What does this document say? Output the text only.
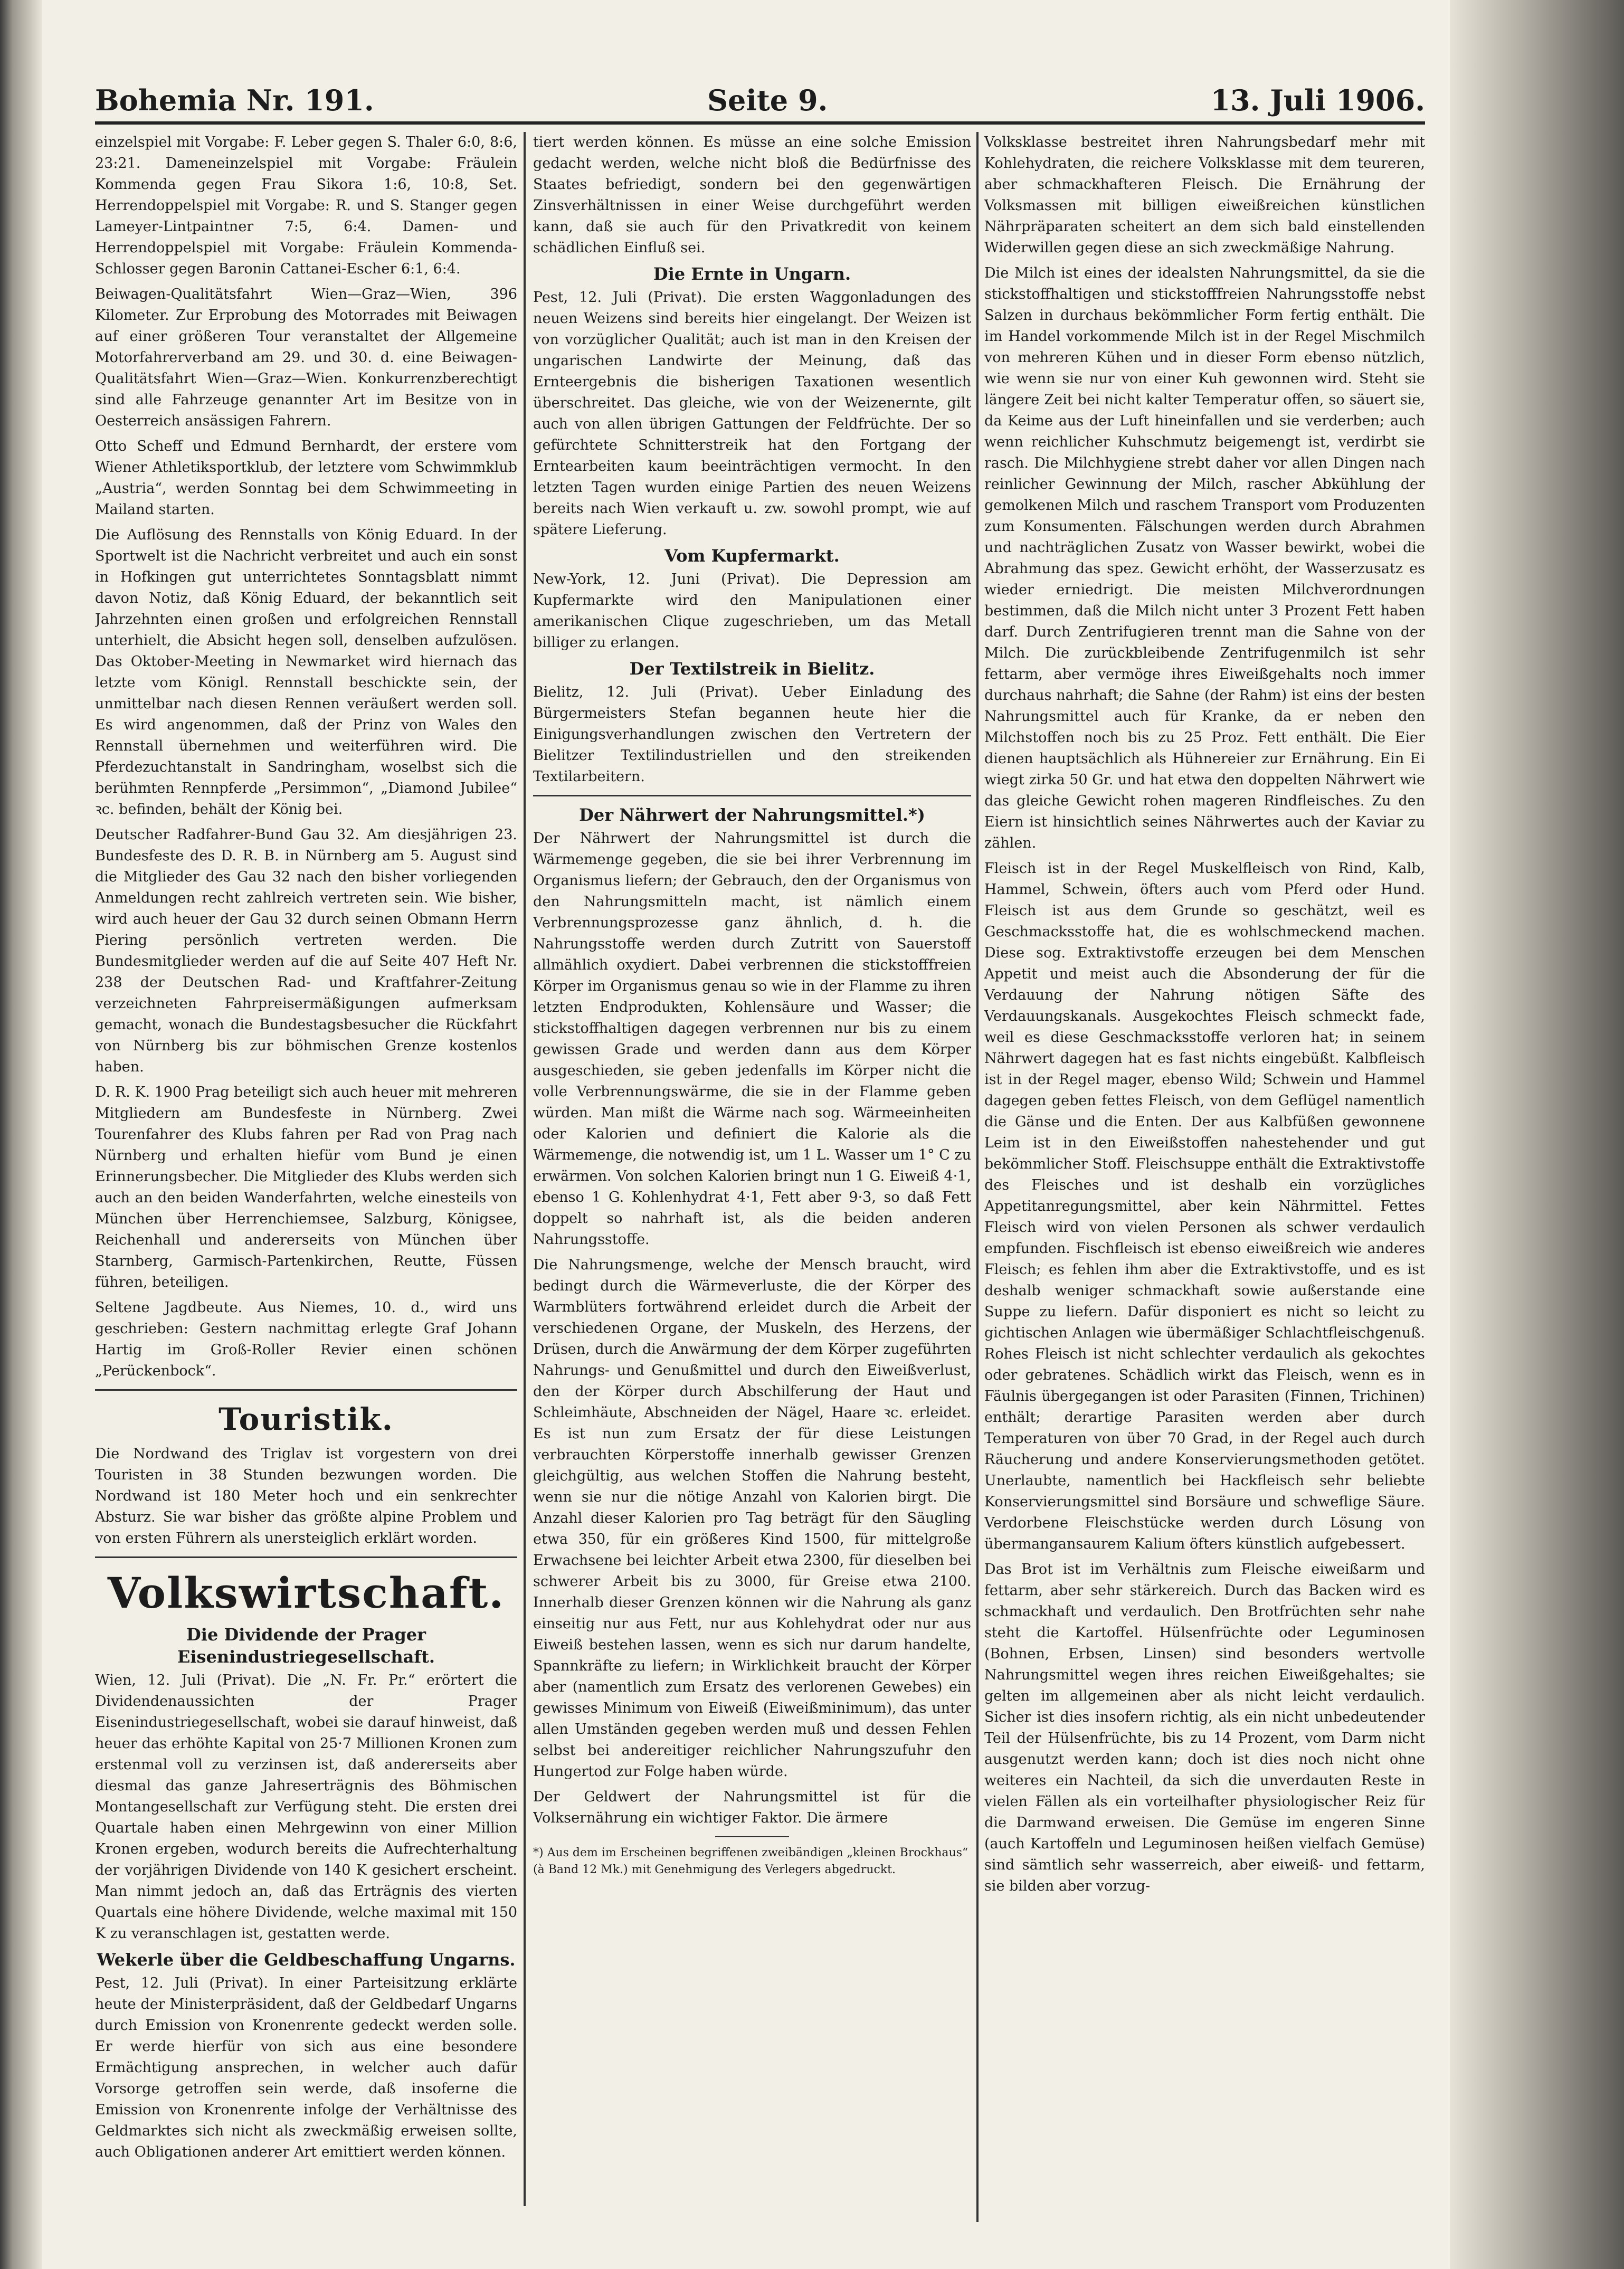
Bohemia Nr. 191.	Seite 9.	13. Juli 1906.

einzelspiel mit Vorgabe: F. Leber gegen S. Thaler 6:0, 8:6, 23:21. Dameneinzelspiel mit Vorgabe: Fräulein Kommenda gegen Frau Sikora 1:6, 10:8, Set. Herrendoppelspiel mit Vorgabe: R. und S. Stanger gegen Lameyer-Lintpaintner 7:5, 6:4. Damen- und Herrendoppelspiel mit Vorgabe: Fräulein Kommenda-Schlosser gegen Baronin Cattanei-Escher 6:1, 6:4.

Beiwagen-Qualitätsfahrt Wien—Graz—Wien, 396 Kilometer. Zur Erprobung des Motorrades mit Beiwagen auf einer größeren Tour veranstaltet der Allgemeine Motorfahrerverband am 29. und 30. d. eine Beiwagen-Qualitätsfahrt Wien—Graz—Wien. Konkurrenzberechtigt sind alle Fahrzeuge genannter Art im Besitze von in Oesterreich ansässigen Fahrern.

Otto Scheff und Edmund Bernhardt, der erstere vom Wiener Athletiksportklub, der letztere vom Schwimmklub „Austria“, werden Sonntag bei dem Schwimmeeting in Mailand starten.

Die Auflösung des Rennstalls von König Eduard. In der Sportwelt ist die Nachricht verbreitet und auch ein sonst in Hofkingen gut unterrichtetes Sonntagsblatt nimmt davon Notiz, daß König Eduard, der bekanntlich seit Jahrzehnten einen großen und erfolgreichen Rennstall unterhielt, die Absicht hegen soll, denselben aufzulösen. Das Oktober-Meeting in Newmarket wird hiernach das letzte vom Königl. Rennstall beschickte sein, der unmittelbar nach diesen Rennen veräußert werden soll. Es wird angenommen, daß der Prinz von Wales den Rennstall übernehmen und weiterführen wird. Die Pferdezuchtanstalt in Sandringham, woselbst sich die berühmten Rennpferde „Persimmon“, „Diamond Jubilee“ ꝛc. befinden, behält der König bei.

Deutscher Radfahrer-Bund Gau 32. Am diesjährigen 23. Bundesfeste des D. R. B. in Nürnberg am 5. August sind die Mitglieder des Gau 32 nach den bisher vorliegenden Anmeldungen recht zahlreich vertreten sein. Wie bisher, wird auch heuer der Gau 32 durch seinen Obmann Herrn Piering persönlich vertreten werden. Die Bundesmitglieder werden auf die auf Seite 407 Heft Nr. 238 der Deutschen Rad- und Kraftfahrer-Zeitung verzeichneten Fahrpreisermäßigungen aufmerksam gemacht, wonach die Bundestagsbesucher die Rückfahrt von Nürnberg bis zur böhmischen Grenze kostenlos haben.

D. R. K. 1900 Prag beteiligt sich auch heuer mit mehreren Mitgliedern am Bundesfeste in Nürnberg. Zwei Tourenfahrer des Klubs fahren per Rad von Prag nach Nürnberg und erhalten hiefür vom Bund je einen Erinnerungsbecher. Die Mitglieder des Klubs werden sich auch an den beiden Wanderfahrten, welche einesteils von München über Herrenchiemsee, Salzburg, Königsee, Reichenhall und andererseits von München über Starnberg, Garmisch-Partenkirchen, Reutte, Füssen führen, beteiligen.

Seltene Jagdbeute. Aus Niemes, 10. d., wird uns geschrieben: Gestern nachmittag erlegte Graf Johann Hartig im Groß-Roller Revier einen schönen „Perückenbock“.

Touristik.

Die Nordwand des Triglav ist vorgestern von drei Touristen in 38 Stunden bezwungen worden. Die Nordwand ist 180 Meter hoch und ein senkrechter Absturz. Sie war bisher das größte alpine Problem und von ersten Führern als unersteiglich erklärt worden.

Volkswirtschaft.
Die Dividende der Prager Eisenindustriegesellschaft.

Wien, 12. Juli (Privat). Die „N. Fr. Pr.“ erörtert die Dividendenaussichten der Prager Eisenindustriegesellschaft, wobei sie darauf hinweist, daß heuer das erhöhte Kapital von 25·7 Millionen Kronen zum erstenmal voll zu verzinsen ist, daß andererseits aber diesmal das ganze Jahreserträgnis des Böhmischen Montangesellschaft zur Verfügung steht. Die ersten drei Quartale haben einen Mehrgewinn von einer Million Kronen ergeben, wodurch bereits die Aufrechterhaltung der vorjährigen Dividende von 140 K gesichert erscheint. Man nimmt jedoch an, daß das Erträgnis des vierten Quartals eine höhere Dividende, welche maximal mit 150 K zu veranschlagen ist, gestatten werde.

Wekerle über die Geldbeschaffung Ungarns.

Pest, 12. Juli (Privat). In einer Parteisitzung erklärte heute der Ministerpräsident, daß der Geldbedarf Ungarns durch Emission von Kronenrente gedeckt werden solle. Er werde hierfür von sich aus eine besondere Ermächtigung ansprechen, in welcher auch dafür Vorsorge getroffen sein werde, daß insoferne die Emission von Kronenrente infolge der Verhältnisse des Geldmarktes sich nicht als zweckmäßig erweisen sollte, auch Obligationen anderer Art emittiert werden können.

tiert werden können. Es müsse an eine solche Emission gedacht werden, welche nicht bloß die Bedürfnisse des Staates befriedigt, sondern bei den gegenwärtigen Zinsverhältnissen in einer Weise durchgeführt werden kann, daß sie auch für den Privatkredit von keinem schädlichen Einfluß sei.

Die Ernte in Ungarn.

Pest, 12. Juli (Privat). Die ersten Waggonladungen des neuen Weizens sind bereits hier eingelangt. Der Weizen ist von vorzüglicher Qualität; auch ist man in den Kreisen der ungarischen Landwirte der Meinung, daß das Ernteergebnis die bisherigen Taxationen wesentlich überschreitet. Das gleiche, wie von der Weizenernte, gilt auch von allen übrigen Gattungen der Feldfrüchte. Der so gefürchtete Schnitterstreik hat den Fortgang der Erntearbeiten kaum beeinträchtigen vermocht. In den letzten Tagen wurden einige Partien des neuen Weizens bereits nach Wien verkauft u. zw. sowohl prompt, wie auf spätere Lieferung.

Vom Kupfermarkt.

New-York, 12. Juni (Privat). Die Depression am Kupfermarkte wird den Manipulationen einer amerikanischen Clique zugeschrieben, um das Metall billiger zu erlangen.

Der Textilstreik in Bielitz.

Bielitz, 12. Juli (Privat). Ueber Einladung des Bürgermeisters Stefan begannen heute hier die Einigungsverhandlungen zwischen den Vertretern der Bielitzer Textilindustriellen und den streikenden Textilarbeitern.

Der Nährwert der Nahrungsmittel.*)

Der Nährwert der Nahrungsmittel ist durch die Wärmemenge gegeben, die sie bei ihrer Verbrennung im Organismus liefern; der Gebrauch, den der Organismus von den Nahrungsmitteln macht, ist nämlich einem Verbrennungsprozesse ganz ähnlich, d. h. die Nahrungsstoffe werden durch Zutritt von Sauerstoff allmählich oxydiert. Dabei verbrennen die stickstofffreien Körper im Organismus genau so wie in der Flamme zu ihren letzten Endprodukten, Kohlensäure und Wasser; die stickstoffhaltigen dagegen verbrennen nur bis zu einem gewissen Grade und werden dann aus dem Körper ausgeschieden, sie geben jedenfalls im Körper nicht die volle Verbrennungswärme, die sie in der Flamme geben würden. Man mißt die Wärme nach sog. Wärmeeinheiten oder Kalorien und definiert die Kalorie als die Wärmemenge, die notwendig ist, um 1 L. Wasser um 1° C zu erwärmen. Von solchen Kalorien bringt nun 1 G. Eiweiß 4·1, ebenso 1 G. Kohlenhydrat 4·1, Fett aber 9·3, so daß Fett doppelt so nahrhaft ist, als die beiden anderen Nahrungsstoffe.

Die Nahrungsmenge, welche der Mensch braucht, wird bedingt durch die Wärmeverluste, die der Körper des Warmblüters fortwährend erleidet durch die Arbeit der verschiedenen Organe, der Muskeln, des Herzens, der Drüsen, durch die Anwärmung der dem Körper zugeführten Nahrungs- und Genußmittel und durch den Eiweißverlust, den der Körper durch Abschilferung der Haut und Schleimhäute, Abschneiden der Nägel, Haare ꝛc. erleidet. Es ist nun zum Ersatz der für diese Leistungen verbrauchten Körperstoffe innerhalb gewisser Grenzen gleichgültig, aus welchen Stoffen die Nahrung besteht, wenn sie nur die nötige Anzahl von Kalorien birgt. Die Anzahl dieser Kalorien pro Tag beträgt für den Säugling etwa 350, für ein größeres Kind 1500, für mittelgroße Erwachsene bei leichter Arbeit etwa 2300, für dieselben bei schwerer Arbeit bis zu 3000, für Greise etwa 2100. Innerhalb dieser Grenzen können wir die Nahrung als ganz einseitig nur aus Fett, nur aus Kohlehydrat oder nur aus Eiweiß bestehen lassen, wenn es sich nur darum handelte, Spannkräfte zu liefern; in Wirklichkeit braucht der Körper aber (namentlich zum Ersatz des verlorenen Gewebes) ein gewisses Minimum von Eiweiß (Eiweißminimum), das unter allen Umständen gegeben werden muß und dessen Fehlen selbst bei andereitiger reichlicher Nahrungszufuhr den Hungertod zur Folge haben würde.

Der Geldwert der Nahrungsmittel ist für die Volksernährung ein wichtiger Faktor. Die ärmere

*) Aus dem im Erscheinen begriffenen zweibändigen „kleinen Brockhaus“ (à Band 12 Mk.) mit Genehmigung des Verlegers abgedruckt.

Volksklasse bestreitet ihren Nahrungsbedarf mehr mit Kohlehydraten, die reichere Volksklasse mit dem teureren, aber schmackhafteren Fleisch. Die Ernährung der Volksmassen mit billigen eiweißreichen künstlichen Nährpräparaten scheitert an dem sich bald einstellenden Widerwillen gegen diese an sich zweckmäßige Nahrung.

Die Milch ist eines der idealsten Nahrungsmittel, da sie die stickstoffhaltigen und stickstofffreien Nahrungsstoffe nebst Salzen in durchaus bekömmlicher Form fertig enthält. Die im Handel vorkommende Milch ist in der Regel Mischmilch von mehreren Kühen und in dieser Form ebenso nützlich, wie wenn sie nur von einer Kuh gewonnen wird. Steht sie längere Zeit bei nicht kalter Temperatur offen, so säuert sie, da Keime aus der Luft hineinfallen und sie verderben; auch wenn reichlicher Kuhschmutz beigemengt ist, verdirbt sie rasch. Die Milchhygiene strebt daher vor allen Dingen nach reinlicher Gewinnung der Milch, rascher Abkühlung der gemolkenen Milch und raschem Transport vom Produzenten zum Konsumenten. Fälschungen werden durch Abrahmen und nachträglichen Zusatz von Wasser bewirkt, wobei die Abrahmung das spez. Gewicht erhöht, der Wasserzusatz es wieder erniedrigt. Die meisten Milchverordnungen bestimmen, daß die Milch nicht unter 3 Prozent Fett haben darf. Durch Zentrifugieren trennt man die Sahne von der Milch. Die zurückbleibende Zentrifugenmilch ist sehr fettarm, aber vermöge ihres Eiweißgehalts noch immer durchaus nahrhaft; die Sahne (der Rahm) ist eins der besten Nahrungsmittel auch für Kranke, da er neben den Milchstoffen noch bis zu 25 Proz. Fett enthält. Die Eier dienen hauptsächlich als Hühnereier zur Ernährung. Ein Ei wiegt zirka 50 Gr. und hat etwa den doppelten Nährwert wie das gleiche Gewicht rohen mageren Rindfleisches. Zu den Eiern ist hinsichtlich seines Nährwertes auch der Kaviar zu zählen.

Fleisch ist in der Regel Muskelfleisch von Rind, Kalb, Hammel, Schwein, öfters auch vom Pferd oder Hund. Fleisch ist aus dem Grunde so geschätzt, weil es Geschmacksstoffe hat, die es wohlschmeckend machen. Diese sog. Extraktivstoffe erzeugen bei dem Menschen Appetit und meist auch die Absonderung der für die Verdauung der Nahrung nötigen Säfte des Verdauungskanals. Ausgekochtes Fleisch schmeckt fade, weil es diese Geschmacksstoffe verloren hat; in seinem Nährwert dagegen hat es fast nichts eingebüßt. Kalbfleisch ist in der Regel mager, ebenso Wild; Schwein und Hammel dagegen geben fettes Fleisch, von dem Geflügel namentlich die Gänse und die Enten. Der aus Kalbfüßen gewonnene Leim ist in den Eiweißstoffen nahestehender und gut bekömmlicher Stoff. Fleischsuppe enthält die Extraktivstoffe des Fleisches und ist deshalb ein vorzügliches Appetitanregungsmittel, aber kein Nährmittel. Fettes Fleisch wird von vielen Personen als schwer verdaulich empfunden. Fischfleisch ist ebenso eiweißreich wie anderes Fleisch; es fehlen ihm aber die Extraktivstoffe, und es ist deshalb weniger schmackhaft sowie außerstande eine Suppe zu liefern. Dafür disponiert es nicht so leicht zu gichtischen Anlagen wie übermäßiger Schlachtfleischgenuß. Rohes Fleisch ist nicht schlechter verdaulich als gekochtes oder gebratenes. Schädlich wirkt das Fleisch, wenn es in Fäulnis übergegangen ist oder Parasiten (Finnen, Trichinen) enthält; derartige Parasiten werden aber durch Temperaturen von über 70 Grad, in der Regel auch durch Räucherung und andere Konservierungsmethoden getötet. Unerlaubte, namentlich bei Hackfleisch sehr beliebte Konservierungsmittel sind Borsäure und schweflige Säure. Verdorbene Fleischstücke werden durch Lösung von übermangansaurem Kalium öfters künstlich aufgebessert.

Das Brot ist im Verhältnis zum Fleische eiweißarm und fettarm, aber sehr stärkereich. Durch das Backen wird es schmackhaft und verdaulich. Den Brotfrüchten sehr nahe steht die Kartoffel. Hülsenfrüchte oder Leguminosen (Bohnen, Erbsen, Linsen) sind besonders wertvolle Nahrungsmittel wegen ihres reichen Eiweißgehaltes; sie gelten im allgemeinen aber als nicht leicht verdaulich. Sicher ist dies insofern richtig, als ein nicht unbedeutender Teil der Hülsenfrüchte, bis zu 14 Prozent, vom Darm nicht ausgenutzt werden kann; doch ist dies noch nicht ohne weiteres ein Nachteil, da sich die unverdauten Reste in vielen Fällen als ein vorteilhafter physiologischer Reiz für die Darmwand erweisen. Die Gemüse im engeren Sinne (auch Kartoffeln und Leguminosen heißen vielfach Gemüse) sind sämtlich sehr wasserreich, aber eiweiß- und fettarm, sie bilden aber vorzug-
